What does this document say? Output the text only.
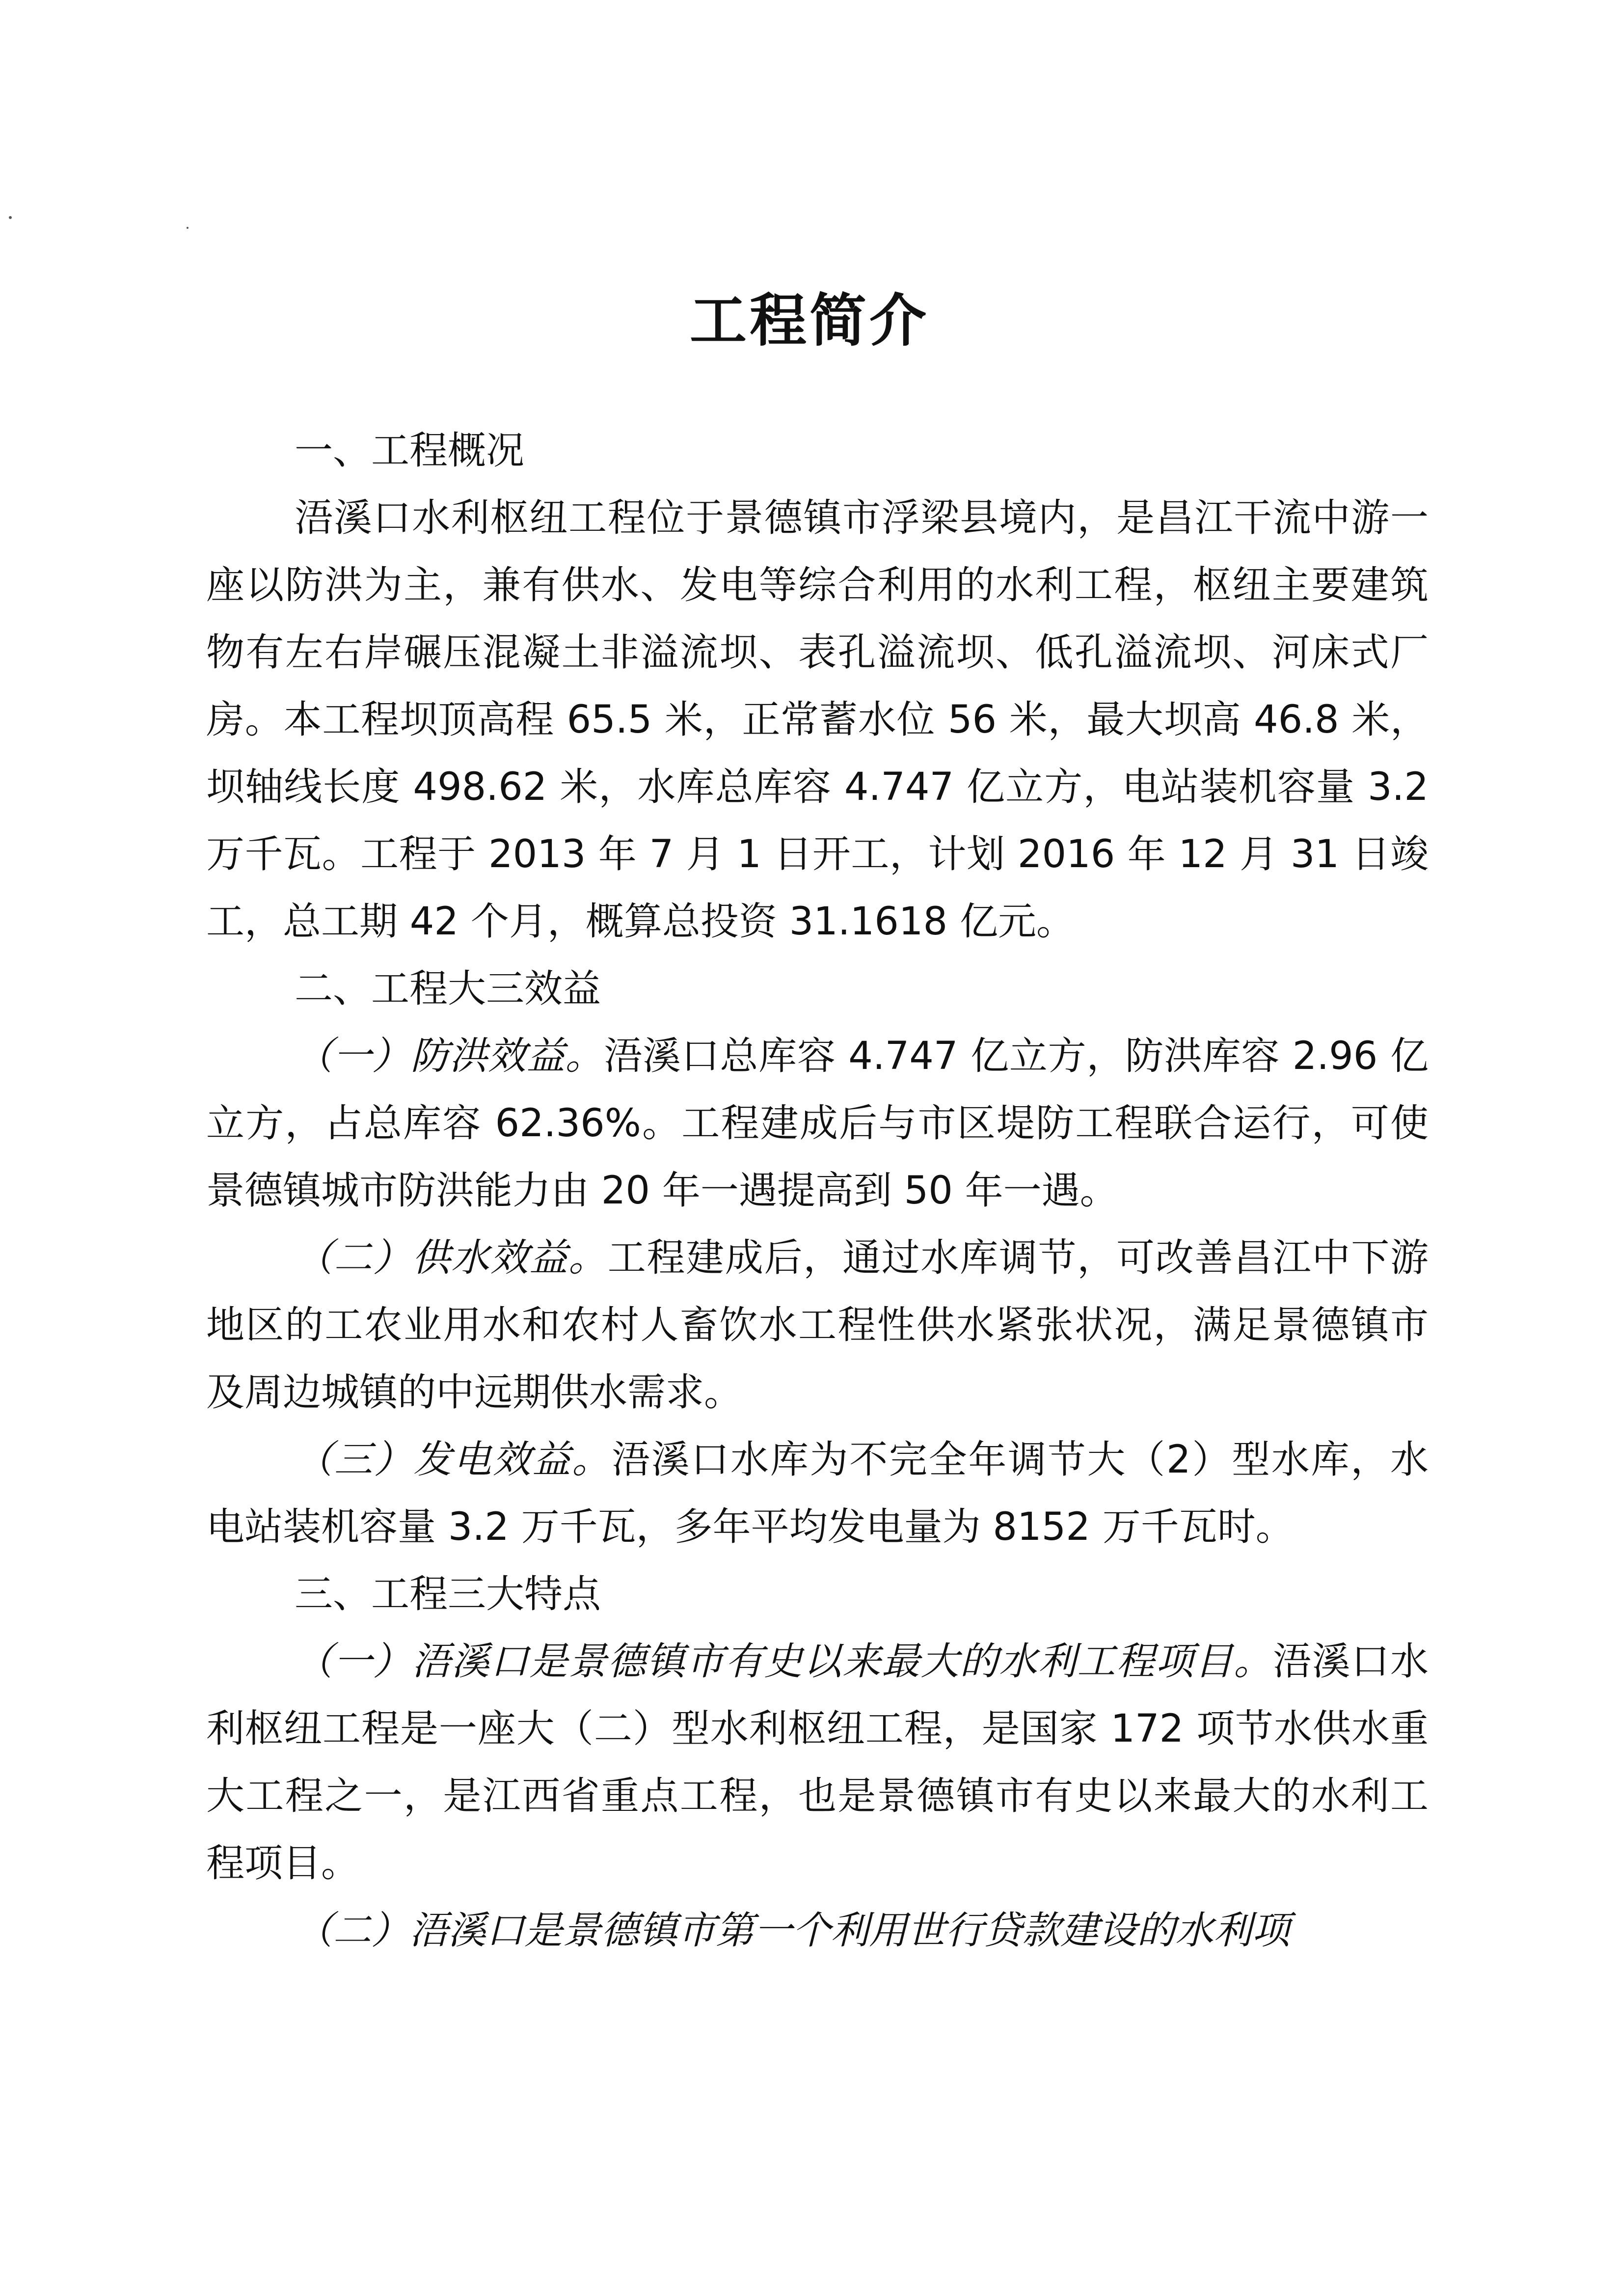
工程简介

一、工程概况

浯溪口水利枢纽工程位于景德镇市浮梁县境内，是昌江干流中游一座以防洪为主，兼有供水、发电等综合利用的水利工程，枢纽主要建筑物有左右岸碾压混凝土非溢流坝、表孔溢流坝、低孔溢流坝、河床式厂房。本工程坝顶高程 65.5 米，正常蓄水位 56 米，最大坝高 46.8 米，坝轴线长度 498.62 米，水库总库容 4.747 亿立方，电站装机容量 3.2 万千瓦。工程于 2013 年 7 月 1 日开工，计划 2016 年 12 月 31 日竣工，总工期 42 个月，概算总投资 31.1618 亿元。

二、工程大三效益

（一）防洪效益。浯溪口总库容 4.747 亿立方，防洪库容 2.96 亿立方，占总库容 62.36%。工程建成后与市区堤防工程联合运行，可使景德镇城市防洪能力由 20 年一遇提高到 50 年一遇。

（二）供水效益。工程建成后，通过水库调节，可改善昌江中下游地区的工农业用水和农村人畜饮水工程性供水紧张状况，满足景德镇市及周边城镇的中远期供水需求。

（三）发电效益。浯溪口水库为不完全年调节大（2）型水库，水电站装机容量 3.2 万千瓦，多年平均发电量为 8152 万千瓦时。

三、工程三大特点

（一）浯溪口是景德镇市有史以来最大的水利工程项目。浯溪口水利枢纽工程是一座大（二）型水利枢纽工程，是国家 172 项节水供水重大工程之一，是江西省重点工程，也是景德镇市有史以来最大的水利工程项目。

（二）浯溪口是景德镇市第一个利用世行贷款建设的水利项
